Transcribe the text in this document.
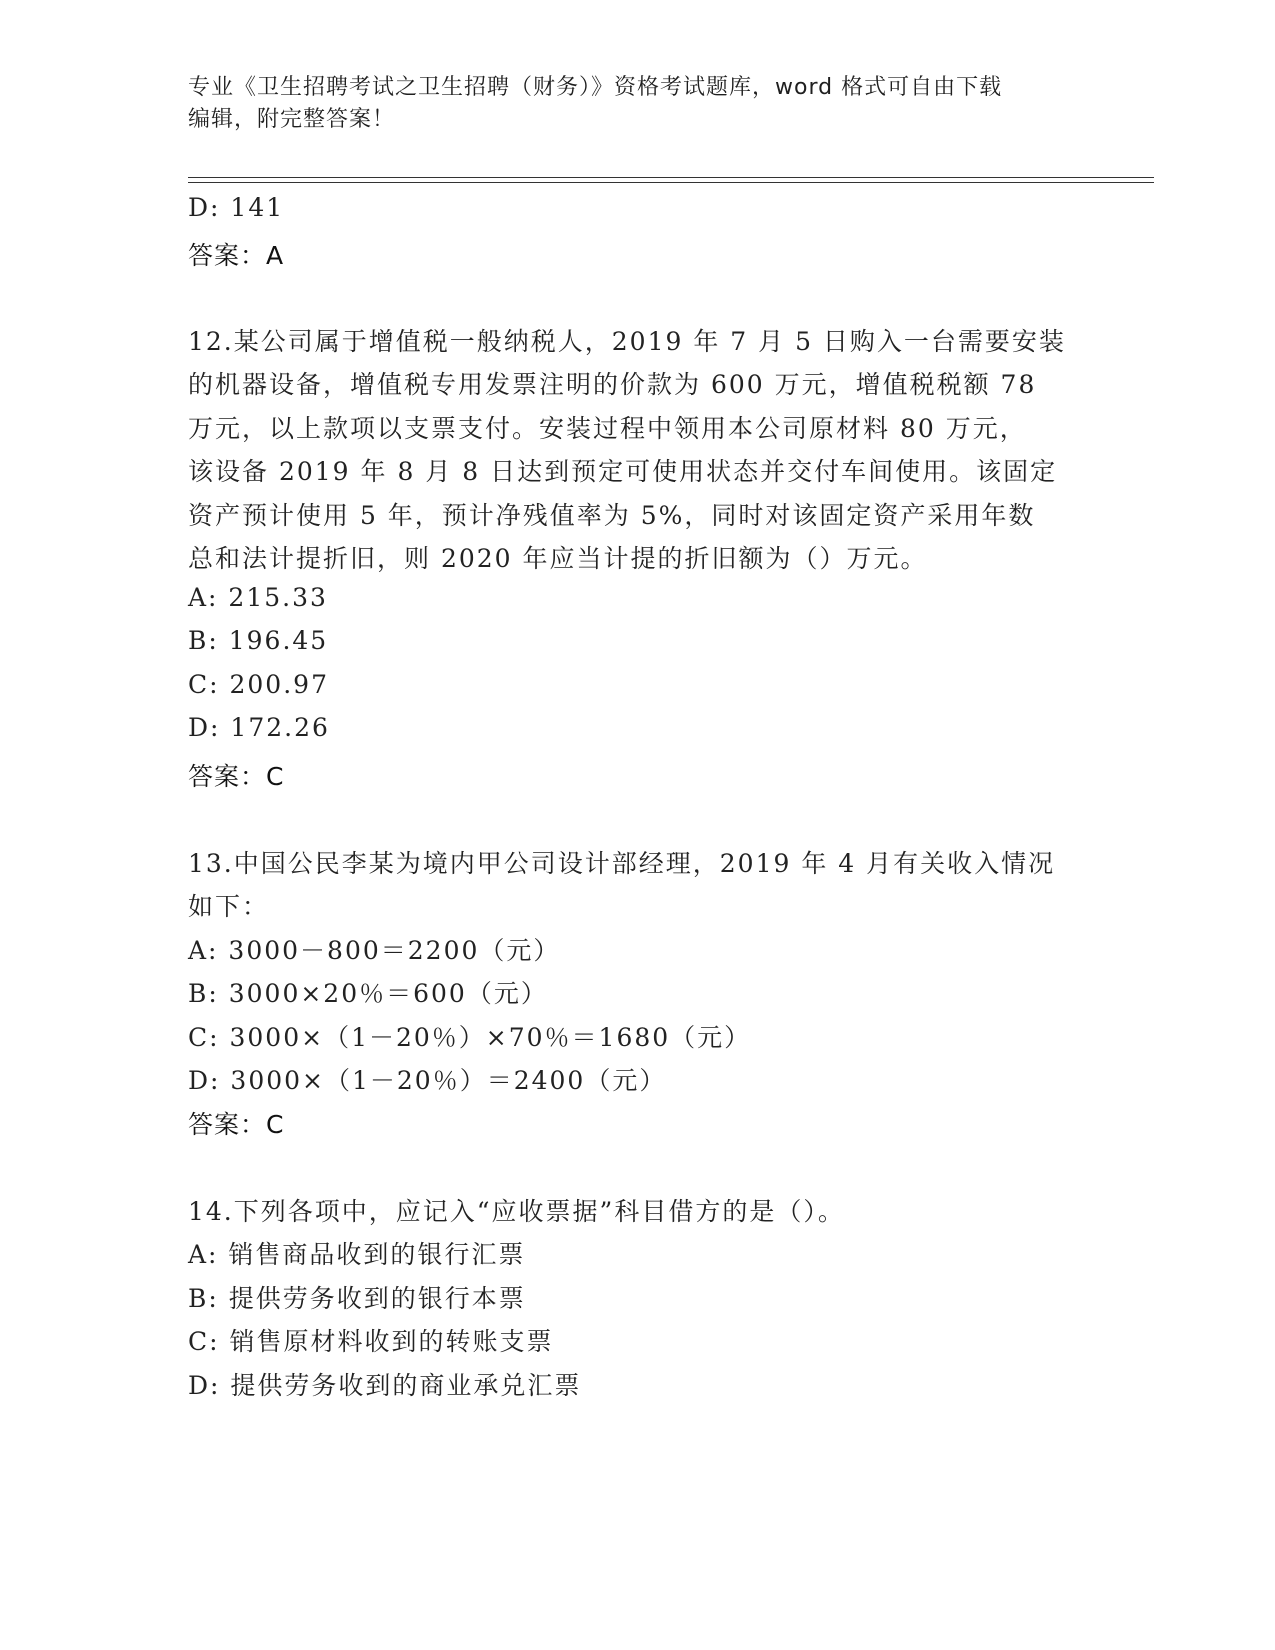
专业《卫生招聘考试之卫生招聘（财务）》资格考试题库，word 格式可自由下载
编辑，附完整答案！
D: 141
答案：A
12.某公司属于增值税一般纳税人，2019 年 7 月 5 日购入一台需要安装
的机器设备，增值税专用发票注明的价款为 600 万元，增值税税额 78
万元，以上款项以支票支付。安装过程中领用本公司原材料 80 万元，
该设备 2019 年 8 月 8 日达到预定可使用状态并交付车间使用。该固定
资产预计使用 5 年，预计净残值率为 5%，同时对该固定资产采用年数
总和法计提折旧，则 2020 年应当计提的折旧额为（）万元。
A: 215.33
B: 196.45
C: 200.97
D: 172.26
答案：C
13.中国公民李某为境内甲公司设计部经理，2019 年 4 月有关收入情况
如下：
A: 3000－800＝2200（元）
B: 3000×20％＝600（元）
C: 3000×（1－20％）×70％＝1680（元）
D: 3000×（1－20％）＝2400（元）
答案：C
14.下列各项中，应记入“应收票据”科目借方的是（）。
A: 销售商品收到的银行汇票
B: 提供劳务收到的银行本票
C: 销售原材料收到的转账支票
D: 提供劳务收到的商业承兑汇票
